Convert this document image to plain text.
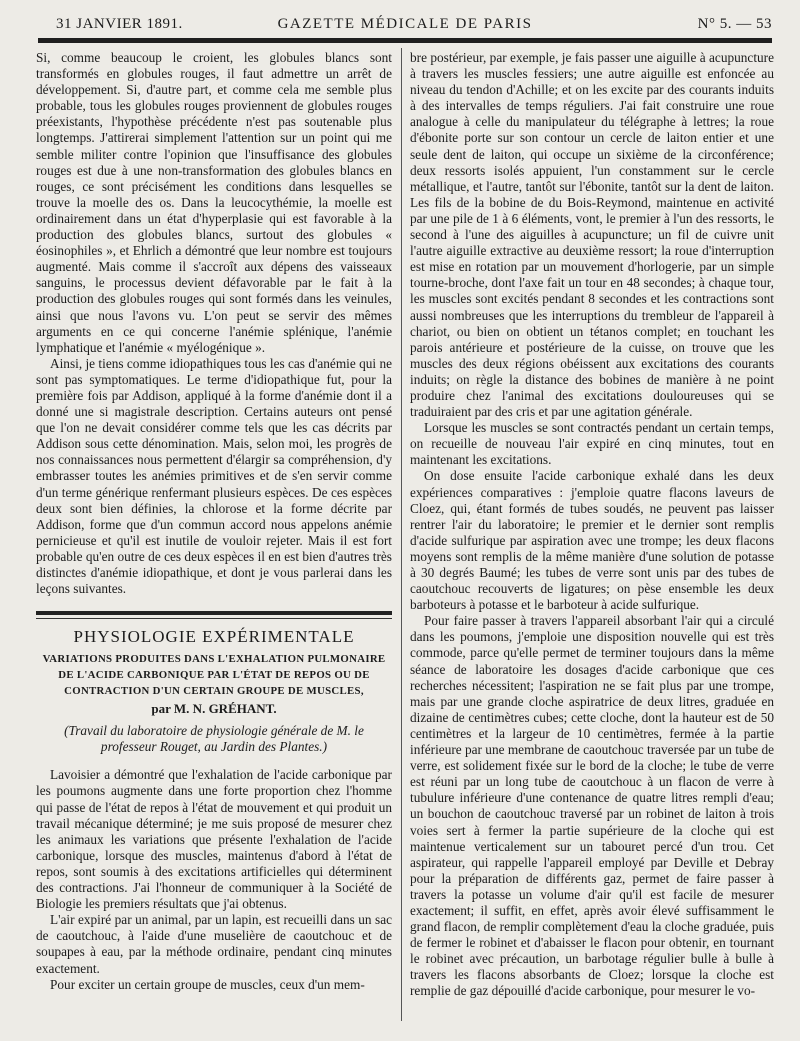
31 JANVIER 1891.	GAZETTE MÉDICALE DE PARIS	N° 5. — 53

Si, comme beaucoup le croient, les globules blancs sont transformés en globules rouges, il faut admettre un arrêt de développement. Si, d'autre part, et comme cela me semble plus probable, tous les globules rouges proviennent de globules rouges préexistants, l'hypothèse précédente n'est pas soutenable plus longtemps. J'attirerai simplement l'attention sur un point qui me semble militer contre l'opinion que l'insuffisance des globules rouges est due à une non-transformation des globules blancs en rouges, ce sont précisément les conditions dans lesquelles se trouve la moelle des os. Dans la leucocythémie, la moelle est ordinairement dans un état d'hyperplasie qui est favorable à la production des globules blancs, surtout des globules « éosinophiles », et Ehrlich a démontré que leur nombre est toujours augmenté. Mais comme il s'accroît aux dépens des vaisseaux sanguins, le processus devient défavorable par le fait à la production des globules rouges qui sont formés dans les veinules, ainsi que nous l'avons vu. L'on peut se servir des mêmes arguments en ce qui concerne l'anémie splénique, l'anémie lymphatique et l'anémie « myélogénique ».

Ainsi, je tiens comme idiopathiques tous les cas d'anémie qui ne sont pas symptomatiques. Le terme d'idiopathique fut, pour la première fois par Addison, appliqué à la forme d'anémie dont il a donné une si magistrale description. Certains auteurs ont pensé que l'on ne devait considérer comme tels que les cas décrits par Addison sous cette dénomination. Mais, selon moi, les progrès de nos connaissances nous permettent d'élargir sa compréhension, d'y embrasser toutes les anémies primitives et de s'en servir comme d'un terme générique renfermant plusieurs espèces. De ces espèces deux sont bien définies, la chlorose et la forme décrite par Addison, forme que d'un commun accord nous appelons anémie pernicieuse et qu'il est inutile de vouloir rejeter. Mais il est fort probable qu'en outre de ces deux espèces il en est bien d'autres très distinctes d'anémie idiopathique, et dont je vous parlerai dans les leçons suivantes.

PHYSIOLOGIE EXPÉRIMENTALE
VARIATIONS PRODUITES DANS L'EXHALATION PULMONAIRE DE L'ACIDE CARBONIQUE PAR L'ÉTAT DE REPOS OU DE CONTRACTION D'UN CERTAIN GROUPE DE MUSCLES,
par M. N. GRÉHANT.
(Travail du laboratoire de physiologie générale de M. le professeur Rouget, au Jardin des Plantes.)

Lavoisier a démontré que l'exhalation de l'acide carbonique par les poumons augmente dans une forte proportion chez l'homme qui passe de l'état de repos à l'état de mouvement et qui produit un travail mécanique déterminé; je me suis proposé de mesurer chez les animaux les variations que présente l'exhalation de l'acide carbonique, lorsque des muscles, maintenus d'abord à l'état de repos, sont soumis à des excitations artificielles qui déterminent des contractions. J'ai l'honneur de communiquer à la Société de Biologie les premiers résultats que j'ai obtenus.

L'air expiré par un animal, par un lapin, est recueilli dans un sac de caoutchouc, à l'aide d'une muselière de caoutchouc et de soupapes à eau, par la méthode ordinaire, pendant cinq minutes exactement.

Pour exciter un certain groupe de muscles, ceux d'un mem-

bre postérieur, par exemple, je fais passer une aiguille à acupuncture à travers les muscles fessiers; une autre aiguille est enfoncée au niveau du tendon d'Achille; et on les excite par des courants induits à des intervalles de temps réguliers. J'ai fait construire une roue analogue à celle du manipulateur du télégraphe à lettres; la roue d'ébonite porte sur son contour un cercle de laiton entier et une seule dent de laiton, qui occupe un sixième de la circonférence; deux ressorts isolés appuient, l'un constamment sur le cercle métallique, et l'autre, tantôt sur l'ébonite, tantôt sur la dent de laiton. Les fils de la bobine de du Bois-Reymond, maintenue en activité par une pile de 1 à 6 éléments, vont, le premier à l'un des ressorts, le second à l'une des aiguilles à acupuncture; un fil de cuivre unit l'autre aiguille extractive au deuxième ressort; la roue d'interruption est mise en rotation par un mouvement d'horlogerie, par un simple tourne-broche, dont l'axe fait un tour en 48 secondes; à chaque tour, les muscles sont excités pendant 8 secondes et les contractions sont aussi nombreuses que les interruptions du trembleur de l'appareil à chariot, ou bien on obtient un tétanos complet; en touchant les parois antérieure et postérieure de la cuisse, on trouve que les muscles des deux régions obéissent aux excitations des courants induits; on règle la distance des bobines de manière à ne point produire chez l'animal des excitations douloureuses qui se traduiraient par des cris et par une agitation générale.

Lorsque les muscles se sont contractés pendant un certain temps, on recueille de nouveau l'air expiré en cinq minutes, tout en maintenant les excitations.

On dose ensuite l'acide carbonique exhalé dans les deux expériences comparatives : j'emploie quatre flacons laveurs de Cloez, qui, étant formés de tubes soudés, ne peuvent pas laisser rentrer l'air du laboratoire; le premier et le dernier sont remplis d'acide sulfurique par aspiration avec une trompe; les deux flacons moyens sont remplis de la même manière d'une solution de potasse à 30 degrés Baumé; les tubes de verre sont unis par des tubes de caoutchouc recouverts de ligatures; on pèse ensemble les deux barboteurs à potasse et le barboteur à acide sulfurique.

Pour faire passer à travers l'appareil absorbant l'air qui a circulé dans les poumons, j'emploie une disposition nouvelle qui est très commode, parce qu'elle permet de terminer toujours dans la même séance de laboratoire les dosages d'acide carbonique que ces recherches nécessitent; l'aspiration ne se fait plus par une trompe, mais par une grande cloche aspiratrice de deux litres, graduée en dizaine de centimètres cubes; cette cloche, dont la hauteur est de 50 centimètres et la largeur de 10 centimètres, fermée à la partie inférieure par une membrane de caoutchouc traversée par un tube de verre, est solidement fixée sur le bord de la cloche; le tube de verre est réuni par un long tube de caoutchouc à un flacon de verre à tubulure inférieure d'une contenance de quatre litres rempli d'eau; un bouchon de caoutchouc traversé par un robinet de laiton à trois voies sert à fermer la partie supérieure de la cloche qui est maintenue verticalement sur un tabouret percé d'un trou. Cet aspirateur, qui rappelle l'appareil employé par Deville et Debray pour la préparation de différents gaz, permet de faire passer à travers la potasse un volume d'air qu'il est facile de mesurer exactement; il suffit, en effet, après avoir élevé suffisamment le grand flacon, de remplir complètement d'eau la cloche graduée, puis de fermer le robinet et d'abaisser le flacon pour obtenir, en tournant le robinet avec précaution, un barbotage régulier bulle à bulle à travers les flacons absorbants de Cloez; lorsque la cloche est remplie de gaz dépouillé d'acide carbonique, pour mesurer le vo-
